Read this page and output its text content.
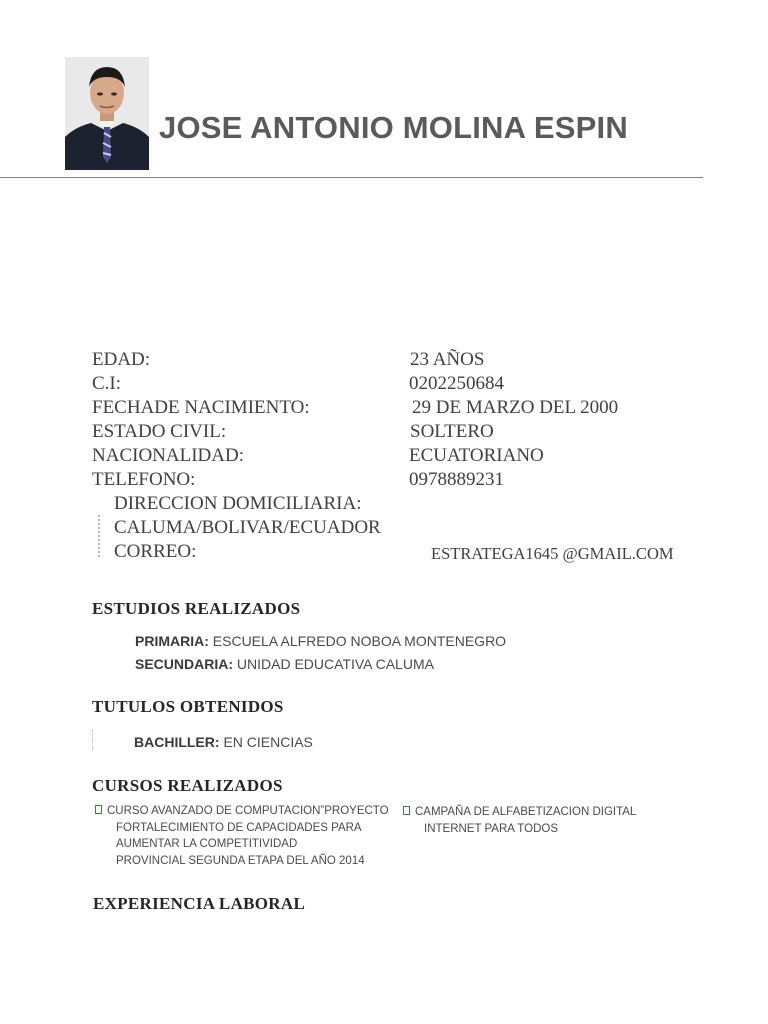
JOSE ANTONIO MOLINA ESPIN
EDAD:	23 AÑOS
C.I:	0202250684
FECHADE NACIMIENTO:	29 DE MARZO DEL 2000
ESTADO CIVIL:	SOLTERO
NACIONALIDAD:	ECUATORIANO
TELEFONO:	0978889231
DIRECCION DOMICILIARIA:
CALUMA/BOLIVAR/ECUADOR
CORREO:	ESTRATEGA1645 @GMAIL.COM
ESTUDIOS REALIZADOS
PRIMARIA: ESCUELA ALFREDO NOBOA MONTENEGRO
SECUNDARIA: UNIDAD EDUCATIVA CALUMA
TUTULOS OBTENIDOS
BACHILLER: EN CIENCIAS
CURSOS REALIZADOS
CURSO AVANZADO DE COMPUTACION”PROYECTO
FORTALECIMIENTO DE CAPACIDADES PARA
AUMENTAR LA COMPETITIVIDAD
PROVINCIAL SEGUNDA ETAPA DEL AÑO 2014
CAMPAÑA DE ALFABETIZACION DIGITAL
INTERNET PARA TODOS
EXPERIENCIA LABORAL
